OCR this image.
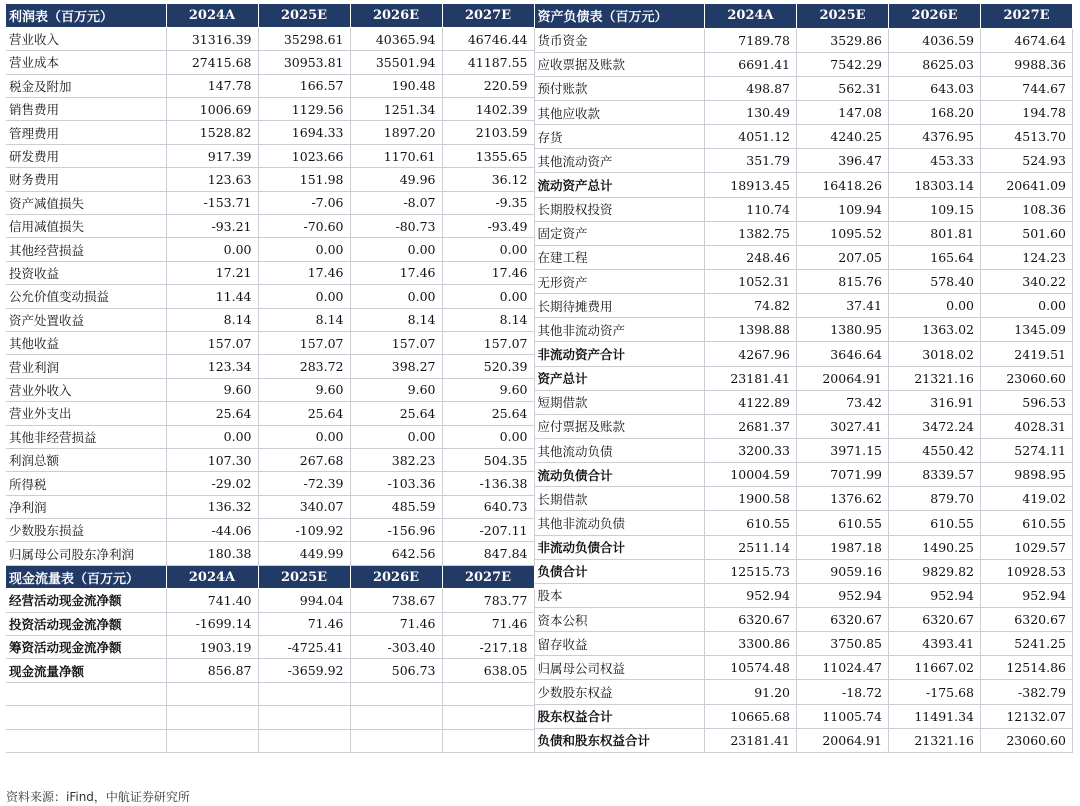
利润表（百万元）	2024A	2025E	2026E	2027E
营业收入	31316.39	35298.61	40365.94	46746.44
营业成本	27415.68	30953.81	35501.94	41187.55
税金及附加	147.78	166.57	190.48	220.59
销售费用	1006.69	1129.56	1251.34	1402.39
管理费用	1528.82	1694.33	1897.20	2103.59
研发费用	917.39	1023.66	1170.61	1355.65
财务费用	123.63	151.98	49.96	36.12
资产减值损失	-153.71	-7.06	-8.07	-9.35
信用减值损失	-93.21	-70.60	-80.73	-93.49
其他经营损益	0.00	0.00	0.00	0.00
投资收益	17.21	17.46	17.46	17.46
公允价值变动损益	11.44	0.00	0.00	0.00
资产处置收益	8.14	8.14	8.14	8.14
其他收益	157.07	157.07	157.07	157.07
营业利润	123.34	283.72	398.27	520.39
营业外收入	9.60	9.60	9.60	9.60
营业外支出	25.64	25.64	25.64	25.64
其他非经营损益	0.00	0.00	0.00	0.00
利润总额	107.30	267.68	382.23	504.35
所得税	-29.02	-72.39	-103.36	-136.38
净利润	136.32	340.07	485.59	640.73
少数股东损益	-44.06	-109.92	-156.96	-207.11
归属母公司股东净利润	180.38	449.99	642.56	847.84
现金流量表（百万元）	2024A	2025E	2026E	2027E
经营活动现金流净额	741.40	994.04	738.67	783.77
投资活动现金流净额	-1699.14	71.46	71.46	71.46
筹资活动现金流净额	1903.19	-4725.41	-303.40	-217.18
现金流量净额	856.87	-3659.92	506.73	638.05

资产负债表（百万元）	2024A	2025E	2026E	2027E
货币资金	7189.78	3529.86	4036.59	4674.64
应收票据及账款	6691.41	7542.29	8625.03	9988.36
预付账款	498.87	562.31	643.03	744.67
其他应收款	130.49	147.08	168.20	194.78
存货	4051.12	4240.25	4376.95	4513.70
其他流动资产	351.79	396.47	453.33	524.93
流动资产总计	18913.45	16418.26	18303.14	20641.09
长期股权投资	110.74	109.94	109.15	108.36
固定资产	1382.75	1095.52	801.81	501.60
在建工程	248.46	207.05	165.64	124.23
无形资产	1052.31	815.76	578.40	340.22
长期待摊费用	74.82	37.41	0.00	0.00
其他非流动资产	1398.88	1380.95	1363.02	1345.09
非流动资产合计	4267.96	3646.64	3018.02	2419.51
资产总计	23181.41	20064.91	21321.16	23060.60
短期借款	4122.89	73.42	316.91	596.53
应付票据及账款	2681.37	3027.41	3472.24	4028.31
其他流动负债	3200.33	3971.15	4550.42	5274.11
流动负债合计	10004.59	7071.99	8339.57	9898.95
长期借款	1900.58	1376.62	879.70	419.02
其他非流动负债	610.55	610.55	610.55	610.55
非流动负债合计	2511.14	1987.18	1490.25	1029.57
负债合计	12515.73	9059.16	9829.82	10928.53
股本	952.94	952.94	952.94	952.94
资本公积	6320.67	6320.67	6320.67	6320.67
留存收益	3300.86	3750.85	4393.41	5241.25
归属母公司权益	10574.48	11024.47	11667.02	12514.86
少数股东权益	91.20	-18.72	-175.68	-382.79
股东权益合计	10665.68	11005.74	11491.34	12132.07
负债和股东权益合计	23181.41	20064.91	21321.16	23060.60
资料来源：iFind，中航证券研究所
